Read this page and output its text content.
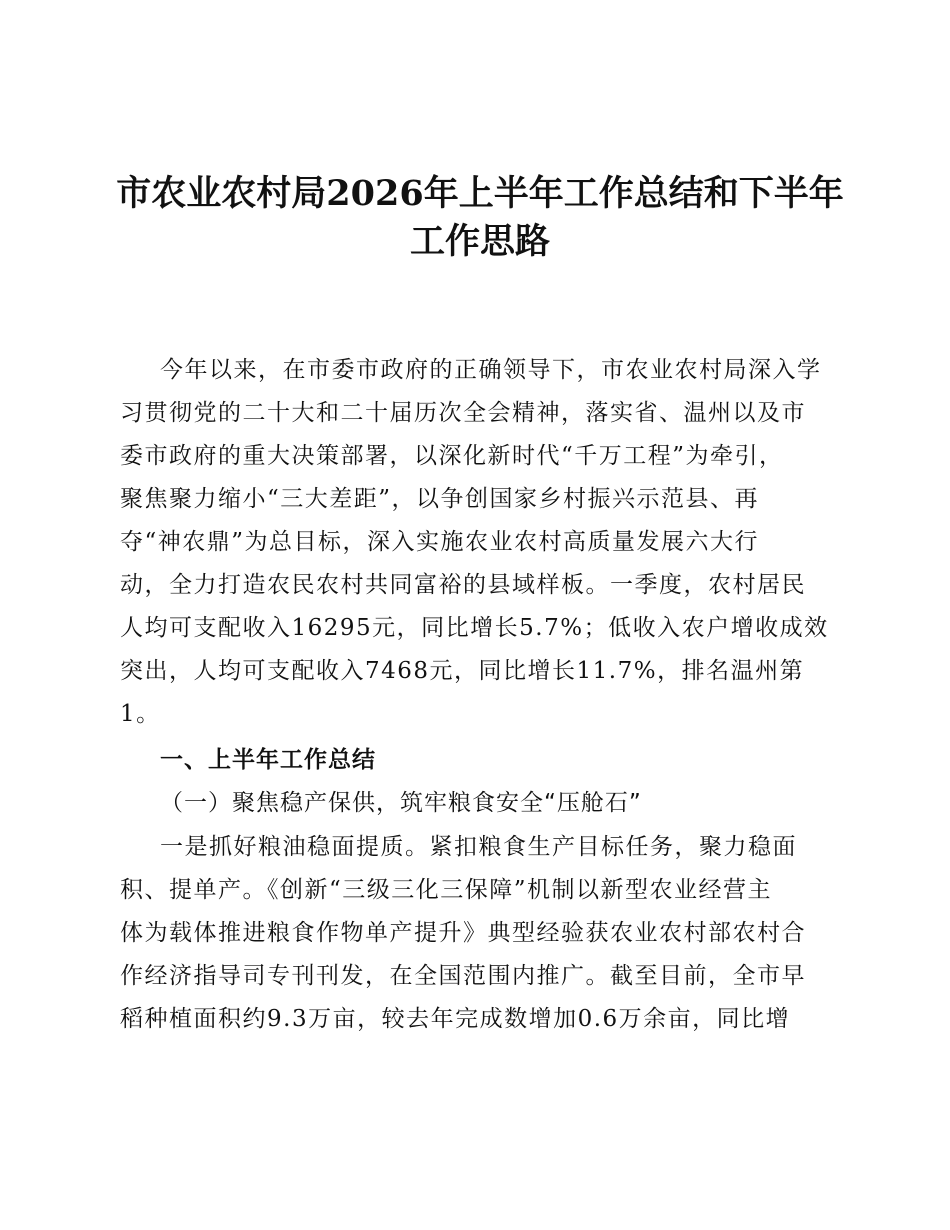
市农业农村局2026年上半年工作总结和下半年
工作思路

今年以来，在市委市政府的正确领导下，市农业农村局深入学

习贯彻党的二十大和二十届历次全会精神，落实省、温州以及市

委市政府的重大决策部署，以深化新时代“千万工程”为牵引，

聚焦聚力缩小“三大差距”，以争创国家乡村振兴示范县、再

夺“神农鼎”为总目标，深入实施农业农村高质量发展六大行

动，全力打造农民农村共同富裕的县域样板。一季度，农村居民

人均可支配收入16295元，同比增长5.7%；低收入农户增收成效

突出，人均可支配收入7468元，同比增长11.7%，排名温州第

1。

一、上半年工作总结

（一）聚焦稳产保供，筑牢粮食安全“压舱石”

一是抓好粮油稳面提质。紧扣粮食生产目标任务，聚力稳面

积、提单产。《创新“三级三化三保障”机制以新型农业经营主

体为载体推进粮食作物单产提升》典型经验获农业农村部农村合

作经济指导司专刊刊发，在全国范围内推广。截至目前，全市早

稻种植面积约9.3万亩，较去年完成数增加0.6万余亩，同比增
